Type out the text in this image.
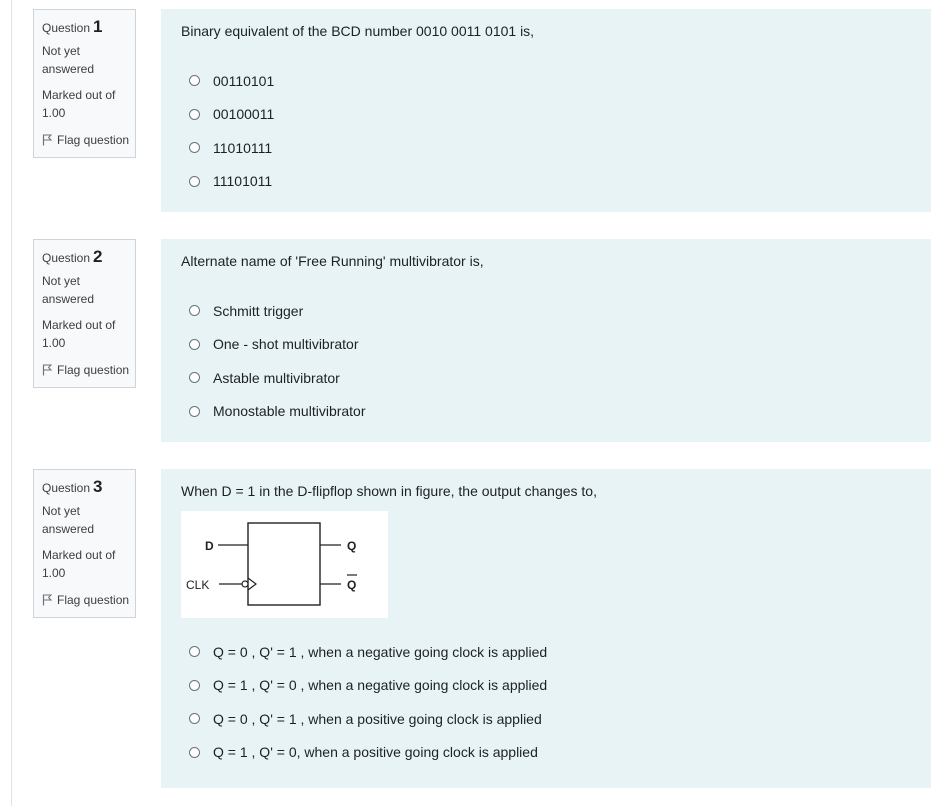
Question 1
Not yet
answered
Marked out of
1.00
Flag question
Binary equivalent of the BCD number 0010 0011 0101 is,
00110101
00100011
11010111
11101011
Question 2
Not yet
answered
Marked out of
1.00
Flag question
Alternate name of 'Free Running' multivibrator is,
Schmitt trigger
One - shot multivibrator
Astable multivibrator
Monostable multivibrator
Question 3
Not yet
answered
Marked out of
1.00
Flag question
When D = 1 in the D-flipflop shown in figure, the output changes to,
D
CLK
Q
Q
Q = 0 , Q' = 1 , when a negative going clock is applied
Q = 1 , Q' = 0 , when a negative going clock is applied
Q = 0 , Q' = 1 , when a positive going clock is applied
Q = 1 , Q' = 0, when a positive going clock is applied
